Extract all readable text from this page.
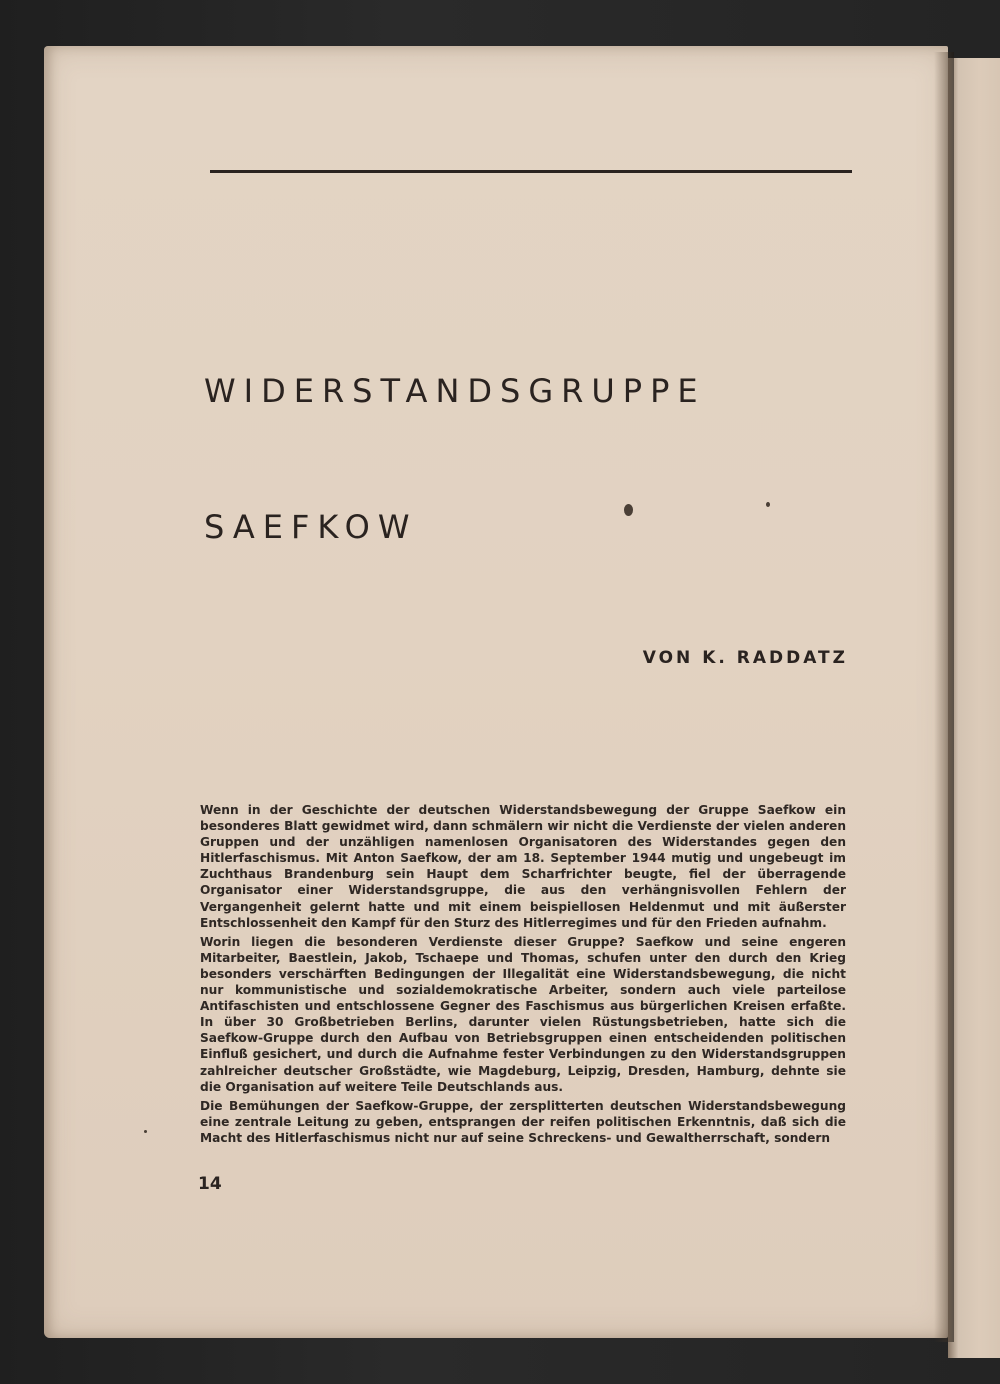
WIDERSTANDSGRUPPE
SAEFKOW
VON K. RADDATZ

Wenn in der Geschichte der deutschen Widerstandsbewegung der Gruppe Saefkow ein besonderes Blatt gewidmet wird, dann schmälern wir nicht die Verdienste der vielen anderen Gruppen und der unzähligen namenlosen Organisatoren des Widerstandes gegen den Hitlerfaschismus. Mit Anton Saefkow, der am 18. September 1944 mutig und ungebeugt im Zuchthaus Brandenburg sein Haupt dem Scharfrichter beugte, fiel der überragende Organisator einer Widerstandsgruppe, die aus den verhängnisvollen Fehlern der Vergangenheit gelernt hatte und mit einem beispiellosen Heldenmut und mit äußerster Entschlossenheit den Kampf für den Sturz des Hitlerregimes und für den Frieden aufnahm.

Worin liegen die besonderen Verdienste dieser Gruppe? Saefkow und seine engeren Mitarbeiter, Baestlein, Jakob, Tschaepe und Thomas, schufen unter den durch den Krieg besonders verschärften Bedingungen der Illegalität eine Widerstandsbewegung, die nicht nur kommunistische und sozialdemokratische Arbeiter, sondern auch viele parteilose Antifaschisten und entschlossene Gegner des Faschismus aus bürgerlichen Kreisen erfaßte. In über 30 Großbetrieben Berlins, darunter vielen Rüstungsbetrieben, hatte sich die Saefkow-Gruppe durch den Aufbau von Betriebsgruppen einen entscheidenden politischen Einfluß gesichert, und durch die Aufnahme fester Verbindungen zu den Widerstandsgruppen zahlreicher deutscher Großstädte, wie Magdeburg, Leipzig, Dresden, Hamburg, dehnte sie die Organisation auf weitere Teile Deutschlands aus.

Die Bemühungen der Saefkow-Gruppe, der zersplitterten deutschen Widerstandsbewegung eine zentrale Leitung zu geben, entsprangen der reifen politischen Erkenntnis, daß sich die Macht des Hitlerfaschismus nicht nur auf seine Schreckens- und Gewaltherrschaft, sondern

14
